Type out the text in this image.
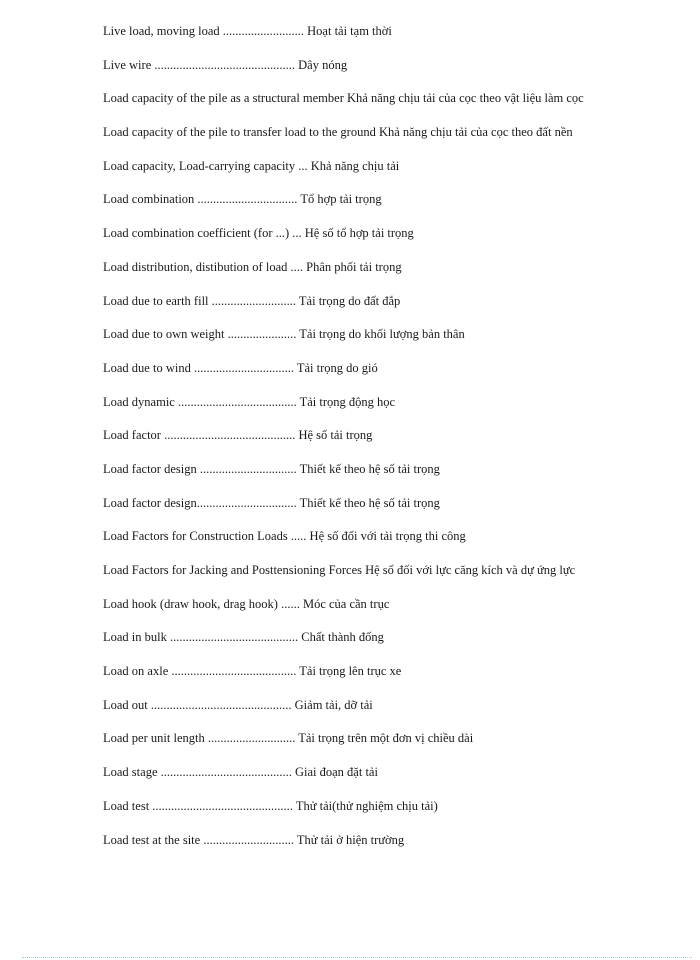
Live load, moving load .......................... Hoạt tải tạm thời

Live wire ............................................. Dây nóng

Load capacity of the pile as a structural member Khả năng chịu tải của cọc theo vật liệu làm cọc

Load capacity of the pile to transfer load to the ground Khả năng chịu tải của cọc theo đất nền

Load capacity, Load-carrying capacity ... Khả năng chịu tải

Load combination ................................ Tổ hợp tải trọng

Load combination coefficient (for ...) ... Hệ số tổ hợp tải trọng

Load distribution, distibution of load .... Phân phối tải trọng

Load due to earth fill ........................... Tải trọng do đất đắp

Load due to own weight ...................... Tải trọng do khối lượng bản thân

Load due to wind ................................ Tải trọng do gió

Load dynamic ...................................... Tải trọng động học

Load factor .......................................... Hệ số tải trọng

Load factor design ............................... Thiết kế theo hệ số tải trọng

Load factor design................................ Thiết kế theo hệ số tải trọng

Load Factors for Construction Loads ..... Hệ số đối với tải trọng thi công

Load Factors for Jacking and Posttensioning Forces Hệ số đối với lực căng kích và dự ứng lực

Load hook (draw hook, drag hook) ...... Móc của cần trục

Load in bulk ......................................... Chất thành đống

Load on axle ........................................ Tải trọng lên trục xe

Load out ............................................. Giảm tải, dỡ tải

Load per unit length ............................ Tải trọng trên một đơn vị chiều dài

Load stage .......................................... Giai đoạn đặt tải

Load test ............................................. Thử tải(thử nghiệm chịu tải)

Load test at the site ............................. Thử tải ở hiện trường
